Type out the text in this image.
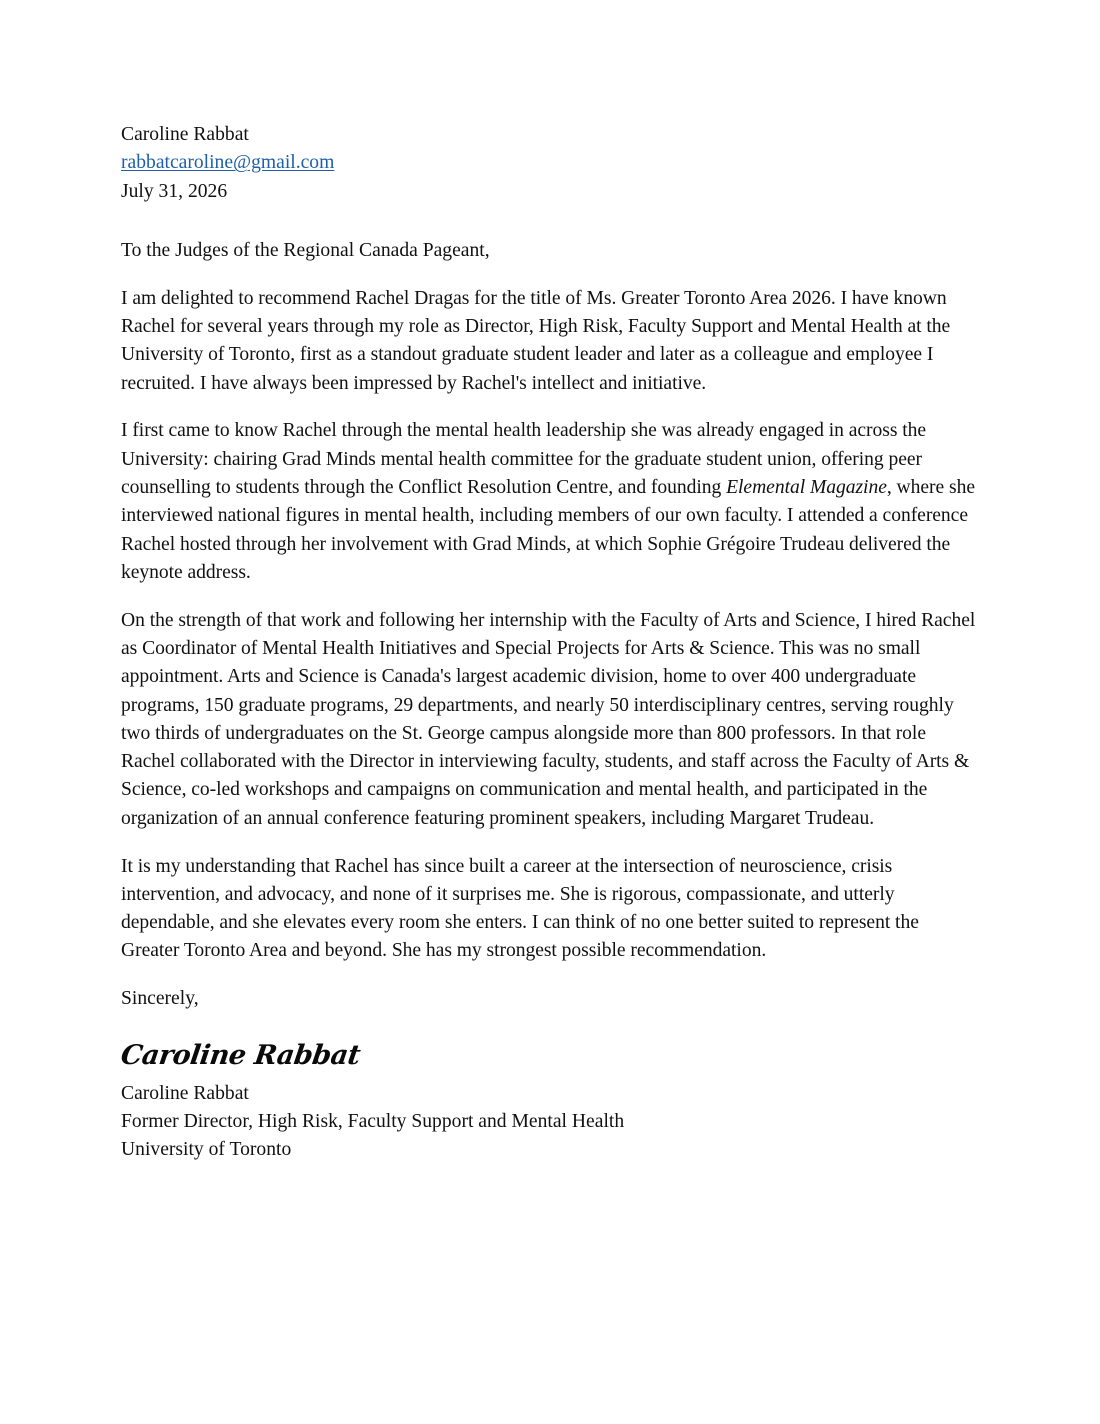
Caroline Rabbat
rabbatcaroline@gmail.com
July 31, 2026
To the Judges of the Regional Canada Pageant,

I am delighted to recommend Rachel Dragas for the title of Ms. Greater Toronto Area 2026. I have known Rachel for several years through my role as Director, High Risk, Faculty Support and Mental Health at the University of Toronto, first as a standout graduate student leader and later as a colleague and employee I recruited. I have always been impressed by Rachel's intellect and initiative.

I first came to know Rachel through the mental health leadership she was already engaged in across the University: chairing Grad Minds mental health committee for the graduate student union, offering peer counselling to students through the Conflict Resolution Centre, and founding Elemental Magazine, where she interviewed national figures in mental health, including members of our own faculty. I attended a conference Rachel hosted through her involvement with Grad Minds, at which Sophie Grégoire Trudeau delivered the keynote address.

On the strength of that work and following her internship with the Faculty of Arts and Science, I hired Rachel as Coordinator of Mental Health Initiatives and Special Projects for Arts & Science. This was no small appointment. Arts and Science is Canada's largest academic division, home to over 400 undergraduate programs, 150 graduate programs, 29 departments, and nearly 50 interdisciplinary centres, serving roughly two thirds of undergraduates on the St. George campus alongside more than 800 professors. In that role Rachel collaborated with the Director in interviewing faculty, students, and staff across the Faculty of Arts & Science, co-led workshops and campaigns on communication and mental health, and participated in the organization of an annual conference featuring prominent speakers, including Margaret Trudeau.

It is my understanding that Rachel has since built a career at the intersection of neuroscience, crisis intervention, and advocacy, and none of it surprises me. She is rigorous, compassionate, and utterly dependable, and she elevates every room she enters. I can think of no one better suited to represent the Greater Toronto Area and beyond. She has my strongest possible recommendation.

Sincerely,
Caroline Rabbat
Caroline Rabbat
Former Director, High Risk, Faculty Support and Mental Health
University of Toronto
